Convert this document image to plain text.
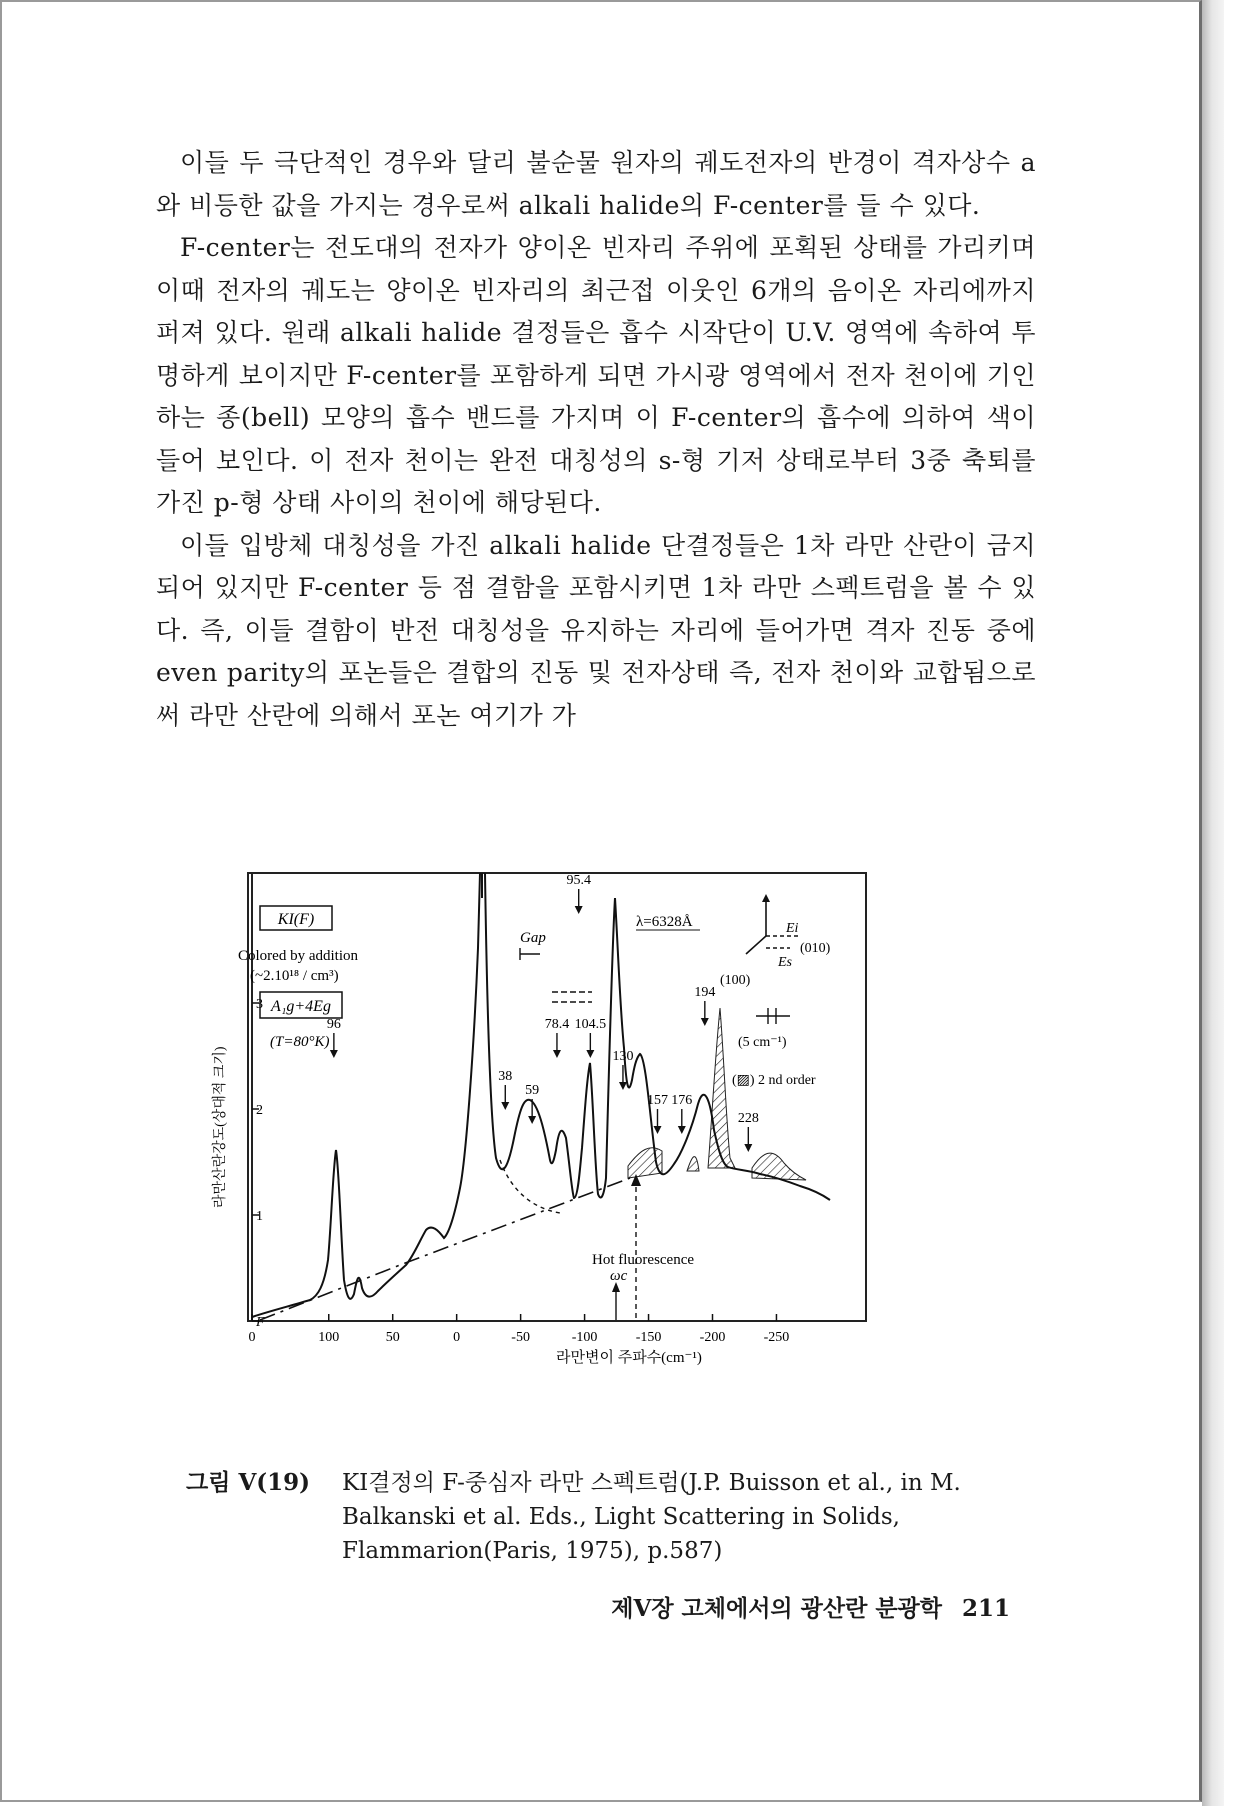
이들 두 극단적인 경우와 달리 불순물 원자의 궤도전자의 반경이 격자상수 a와 비등한 값을 가지는 경우로써 alkali halide의 F-center를 들 수 있다.

F-center는 전도대의 전자가 양이온 빈자리 주위에 포획된 상태를 가리키며 이때 전자의 궤도는 양이온 빈자리의 최근접 이웃인 6개의 음이온 자리에까지 퍼져 있다. 원래 alkali halide 결정들은 흡수 시작단이 U.V. 영역에 속하여 투명하게 보이지만 F-center를 포함하게 되면 가시광 영역에서 전자 천이에 기인하는 종(bell) 모양의 흡수 밴드를 가지며 이 F-center의 흡수에 의하여 색이 들어 보인다. 이 전자 천이는 완전 대칭성의 s-형 기저 상태로부터 3중 축퇴를 가진 p-형 상태 사이의 천이에 해당된다.

이들 입방체 대칭성을 가진 alkali halide 단결정들은 1차 라만 산란이 금지되어 있지만 F-center 등 점 결함을 포함시키면 1차 라만 스펙트럼을 볼 수 있다. 즉, 이들 결함이 반전 대칭성을 유지하는 자리에 들어가면 격자 진동 중에 even parity의 포논들은 결합의 진동 및 전자상태 즉, 전자 천이와 교합됨으로써 라만 산란에 의해서 포논 여기가 가

F
1
2
3
0	100	50	0	-50	-100	-150	-200	-250
96
38
59
78.4
95.4
104.5
130
157 176
194
228
KI(F)
Colored by addition
(~2.10¹⁸ / cm³)
A₁g+4Eg
(T=80°K)
Gap
λ=6328Å	Ei
Es
(010)
(100)
(5 cm⁻¹)
(▨) 2 nd order
Hot fluorescence
ωc
라만산란강도(상대적 크기)
라만변이 주파수(cm⁻¹)
그림 V(19) KI결정의 F-중심자 라만 스펙트럼(J.P. Buisson et al., in M. Balkanski et al. Eds., Light Scattering in Solids, Flammarion(Paris, 1975), p.587)
제V장 고체에서의 광산란 분광학 211
